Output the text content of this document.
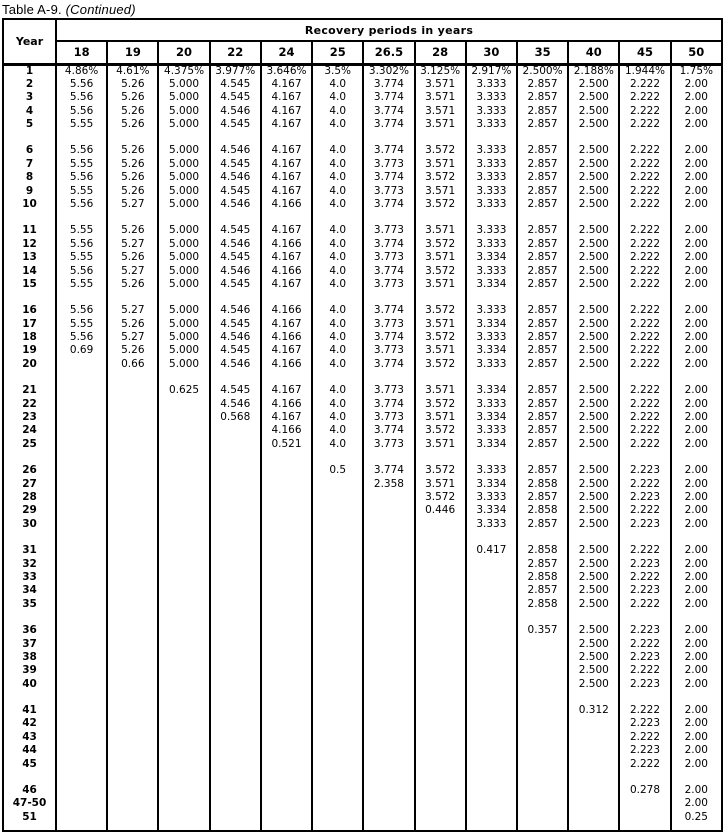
Table A-9. (Continued)
Year	Recovery periods in years												
	18	19	20	22	24	25	26.5	28	30	35	40	45	50
1	4.86%	4.61%	4.375%	3.977%	3.646%	3.5%	3.302%	3.125%	2.917%	2.500%	2.188%	1.944%	1.75%
2	5.56	5.26	5.000	4.545	4.167	4.0	3.774	3.571	3.333	2.857	2.500	2.222	2.00
3	5.56	5.26	5.000	4.545	4.167	4.0	3.774	3.571	3.333	2.857	2.500	2.222	2.00
4	5.56	5.26	5.000	4.546	4.167	4.0	3.774	3.571	3.333	2.857	2.500	2.222	2.00
5	5.55	5.26	5.000	4.545	4.167	4.0	3.774	3.571	3.333	2.857	2.500	2.222	2.00

6	5.56	5.26	5.000	4.546	4.167	4.0	3.774	3.572	3.333	2.857	2.500	2.222	2.00
7	5.55	5.26	5.000	4.545	4.167	4.0	3.773	3.571	3.333	2.857	2.500	2.222	2.00
8	5.56	5.26	5.000	4.546	4.167	4.0	3.774	3.572	3.333	2.857	2.500	2.222	2.00
9	5.55	5.26	5.000	4.545	4.167	4.0	3.773	3.571	3.333	2.857	2.500	2.222	2.00
10	5.56	5.27	5.000	4.546	4.166	4.0	3.774	3.572	3.333	2.857	2.500	2.222	2.00

11	5.55	5.26	5.000	4.545	4.167	4.0	3.773	3.571	3.333	2.857	2.500	2.222	2.00
12	5.56	5.27	5.000	4.546	4.166	4.0	3.774	3.572	3.333	2.857	2.500	2.222	2.00
13	5.55	5.26	5.000	4.545	4.167	4.0	3.773	3.571	3.334	2.857	2.500	2.222	2.00
14	5.56	5.27	5.000	4.546	4.166	4.0	3.774	3.572	3.333	2.857	2.500	2.222	2.00
15	5.55	5.26	5.000	4.545	4.167	4.0	3.773	3.571	3.334	2.857	2.500	2.222	2.00

16	5.56	5.27	5.000	4.546	4.166	4.0	3.774	3.572	3.333	2.857	2.500	2.222	2.00
17	5.55	5.26	5.000	4.545	4.167	4.0	3.773	3.571	3.334	2.857	2.500	2.222	2.00
18	5.56	5.27	5.000	4.546	4.166	4.0	3.774	3.572	3.333	2.857	2.500	2.222	2.00
19	0.69	5.26	5.000	4.545	4.167	4.0	3.773	3.571	3.334	2.857	2.500	2.222	2.00
20		0.66	5.000	4.546	4.166	4.0	3.774	3.572	3.333	2.857	2.500	2.222	2.00

21			0.625	4.545	4.167	4.0	3.773	3.571	3.334	2.857	2.500	2.222	2.00
22				4.546	4.166	4.0	3.774	3.572	3.333	2.857	2.500	2.222	2.00
23				0.568	4.167	4.0	3.773	3.571	3.334	2.857	2.500	2.222	2.00
24					4.166	4.0	3.774	3.572	3.333	2.857	2.500	2.222	2.00
25					0.521	4.0	3.773	3.571	3.334	2.857	2.500	2.222	2.00

26						0.5	3.774	3.572	3.333	2.857	2.500	2.223	2.00
27							2.358	3.571	3.334	2.858	2.500	2.222	2.00
28								3.572	3.333	2.857	2.500	2.223	2.00
29								0.446	3.334	2.858	2.500	2.222	2.00
30									3.333	2.857	2.500	2.223	2.00

31									0.417	2.858	2.500	2.222	2.00
32										2.857	2.500	2.223	2.00
33										2.858	2.500	2.222	2.00
34										2.857	2.500	2.223	2.00
35										2.858	2.500	2.222	2.00

36										0.357	2.500	2.223	2.00
37											2.500	2.222	2.00
38											2.500	2.223	2.00
39											2.500	2.222	2.00
40											2.500	2.223	2.00

41											0.312	2.222	2.00
42												2.223	2.00
43												2.222	2.00
44												2.223	2.00
45												2.222	2.00

46												0.278	2.00
47-50													2.00
51													0.25
